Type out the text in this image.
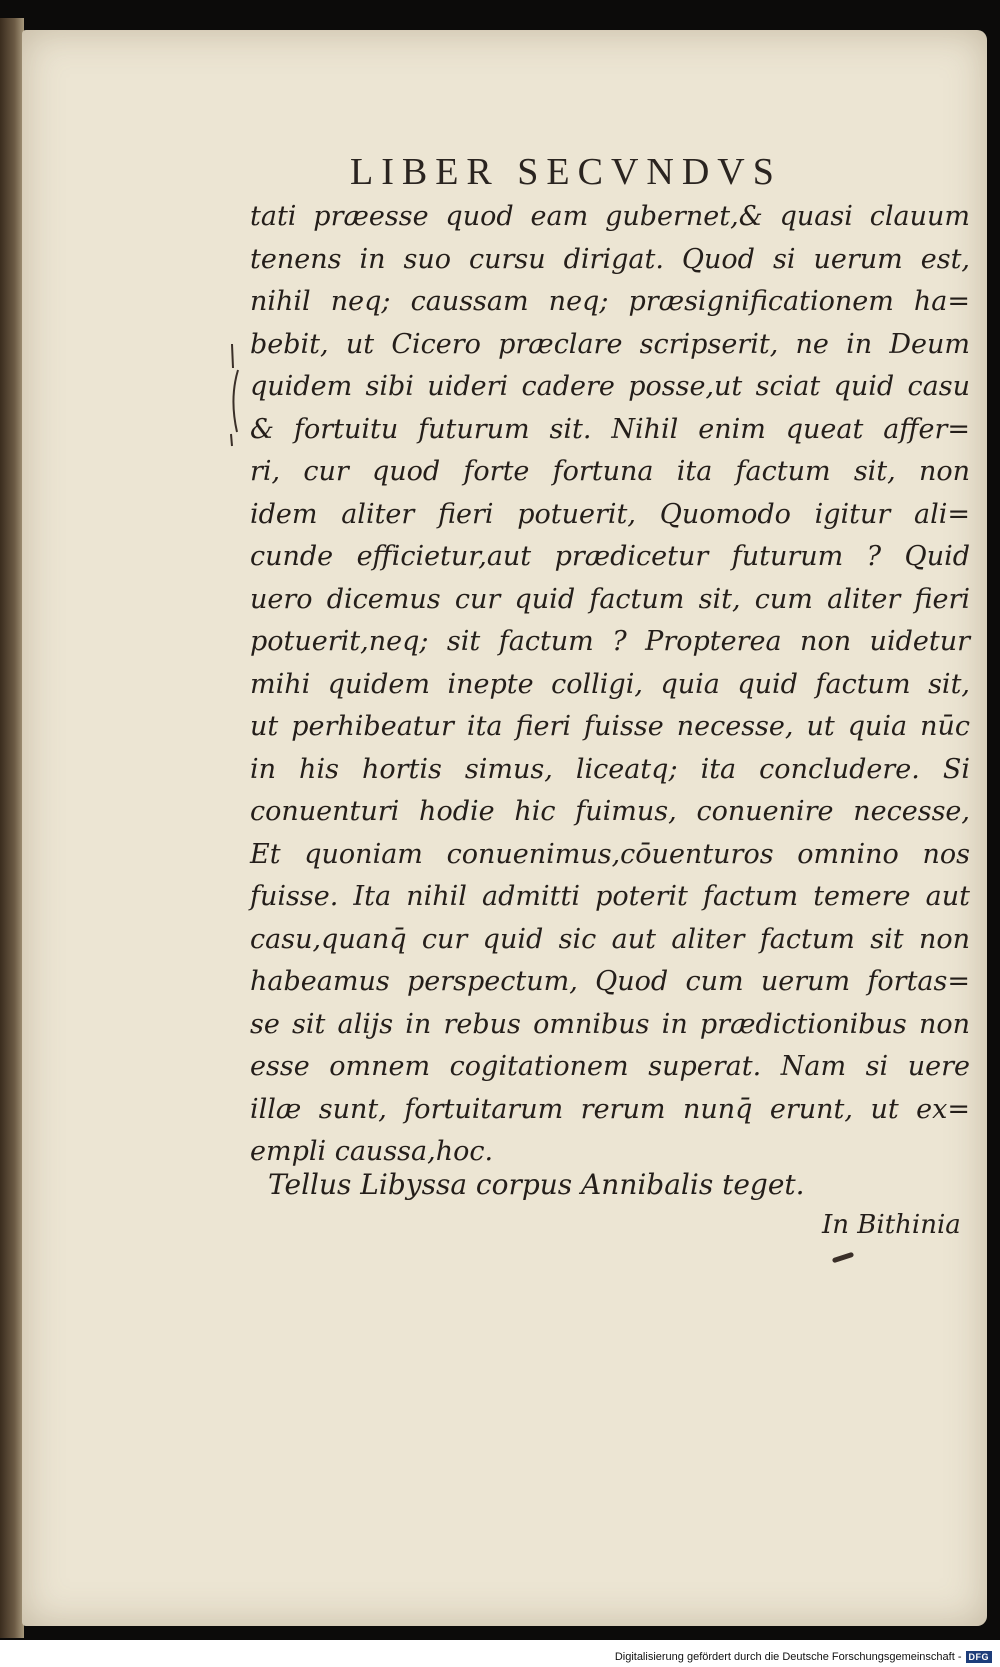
LIBER SECVNDVS
tati præesse quod eam gubernet,& quasi clauum
tenens in suo cursu dirigat. Quod si uerum est,
nihil neq; caussam neq; præsignificationem ha=
bebit, ut Cicero præclare scripserit, ne in Deum
quidem sibi uideri cadere posse,ut sciat quid casu
& fortuitu futurum sit. Nihil enim queat affer=
ri, cur quod forte fortuna ita factum sit, non
idem aliter fieri potuerit, Quomodo igitur ali=
cunde efficietur,aut prædicetur futurum ? Quid
uero dicemus cur quid factum sit, cum aliter fieri
potuerit,neq; sit factum ? Propterea non uidetur
mihi quidem inepte colligi, quia quid factum sit,
ut perhibeatur ita fieri fuisse necesse, ut quia nūc
in his hortis simus, liceatq; ita concludere. Si
conuenturi hodie hic fuimus, conuenire necesse,
Et quoniam conuenimus,cōuenturos omnino nos
fuisse. Ita nihil admitti poterit factum temere aut
casu,quanq̄ cur quid sic aut aliter factum sit non
habeamus perspectum, Quod cum uerum fortas=
se sit alijs in rebus omnibus in prædictionibus non
esse omnem cogitationem superat. Nam si uere
illæ sunt, fortuitarum rerum nunq̄ erunt, ut ex=
empli caussa,hoc.
Tellus Libyssa corpus Annibalis teget.
In Bithinia
Digitalisierung gefördert durch die Deutsche Forschungsgemeinschaft - DFG
